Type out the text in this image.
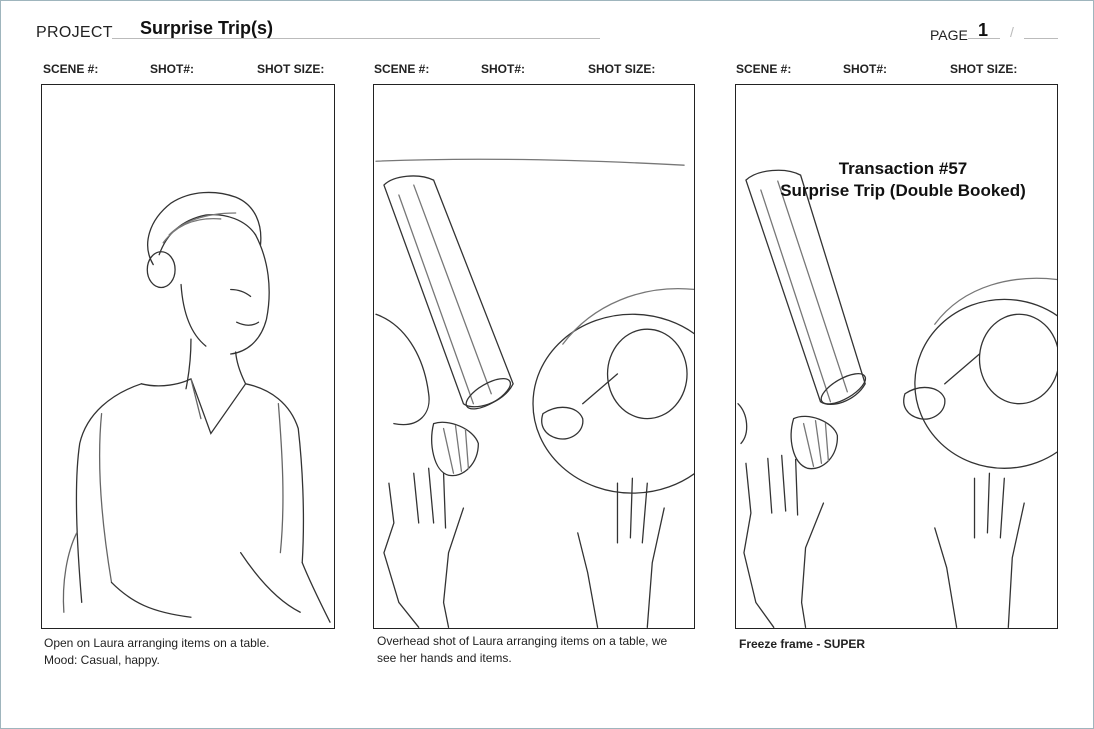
PROJECT Surprise Trip(s)	PAGE 1 /
SCENE #:	SHOT#:	SHOT SIZE:	SCENE #:	SHOT#:	SHOT SIZE:	SCENE #:	SHOT#:	SHOT SIZE:
Transaction #57
Surprise Trip (Double Booked)
Open on Laura arranging items on a table.
Mood: Casual, happy.
Overhead shot of Laura arranging items on a table, we
see her hands and items.
Freeze frame - SUPER
